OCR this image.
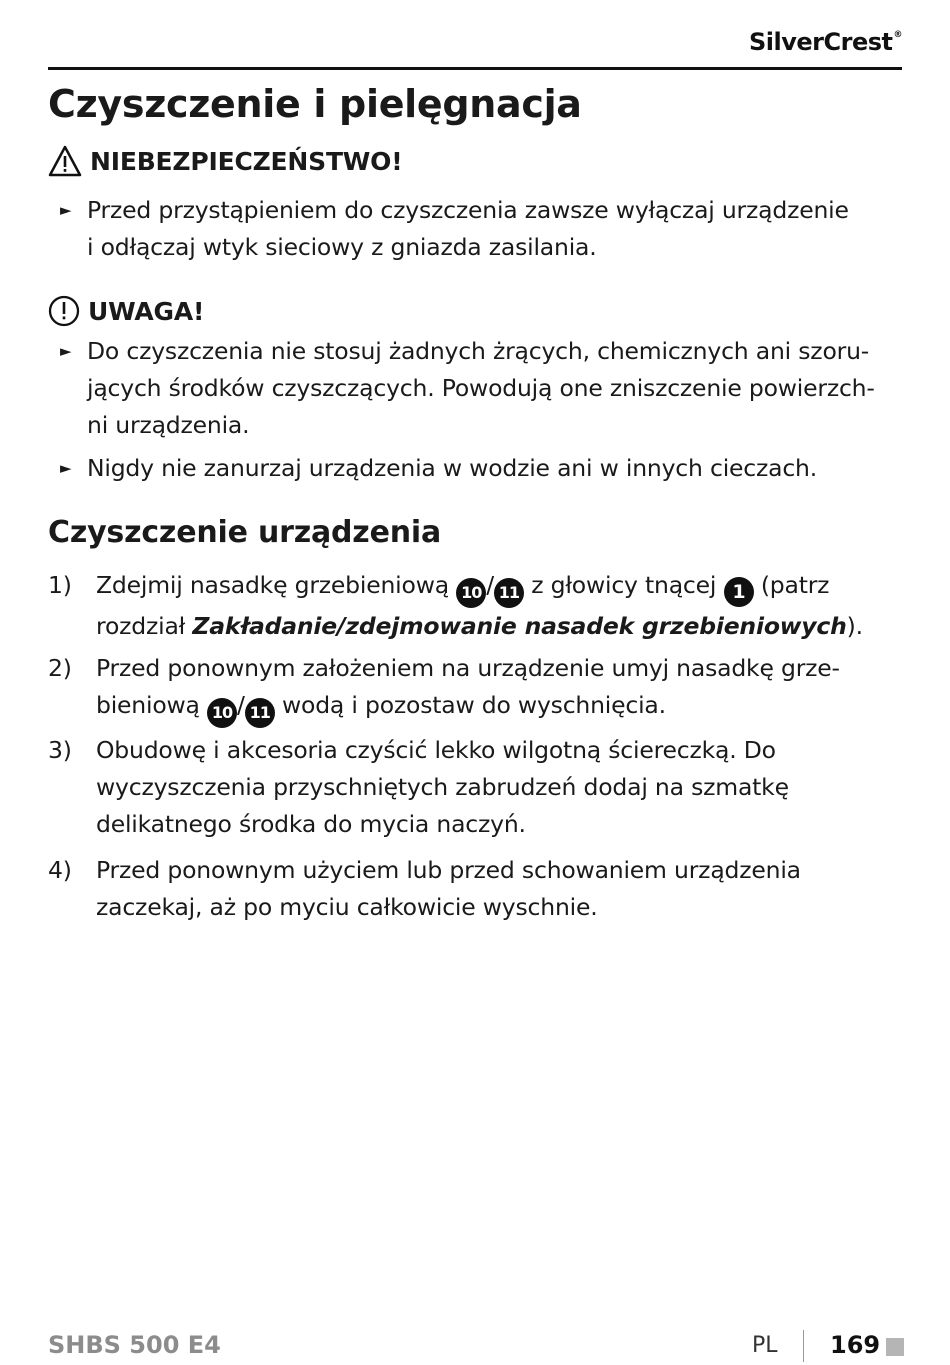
SilverCrest®
Czyszczenie i pielęgnacja
NIEBEZPIECZEŃSTWO!
► Przed przystąpieniem do czyszczenia zawsze wyłączaj urządzenie
i odłączaj wtyk sieciowy z gniazda zasilania.
UWAGA!
► Do czyszczenia nie stosuj żadnych żrących, chemicznych ani szoru-
jących środków czyszczących. Powodują one zniszczenie powierzch-
ni urządzenia.
► Nigdy nie zanurzaj urządzenia w wodzie ani w innych cieczach.
Czyszczenie urządzenia
1) Zdejmij nasadkę grzebieniową 10 / 11 z głowicy tnącej 1 (patrz
rozdział Zakładanie/zdejmowanie nasadek grzebieniowych).
2) Przed ponownym założeniem na urządzenie umyj nasadkę grze-
bieniową 10 / 11 wodą i pozostaw do wyschnięcia.
3) Obudowę i akcesoria czyścić lekko wilgotną ściereczką. Do
wyczyszczenia przyschniętych zabrudzeń dodaj na szmatkę
delikatnego środka do mycia naczyń.
4) Przed ponownym użyciem lub przed schowaniem urządzenia
zaczekaj, aż po myciu całkowicie wyschnie.
SHBS 500 E4	PL 169
